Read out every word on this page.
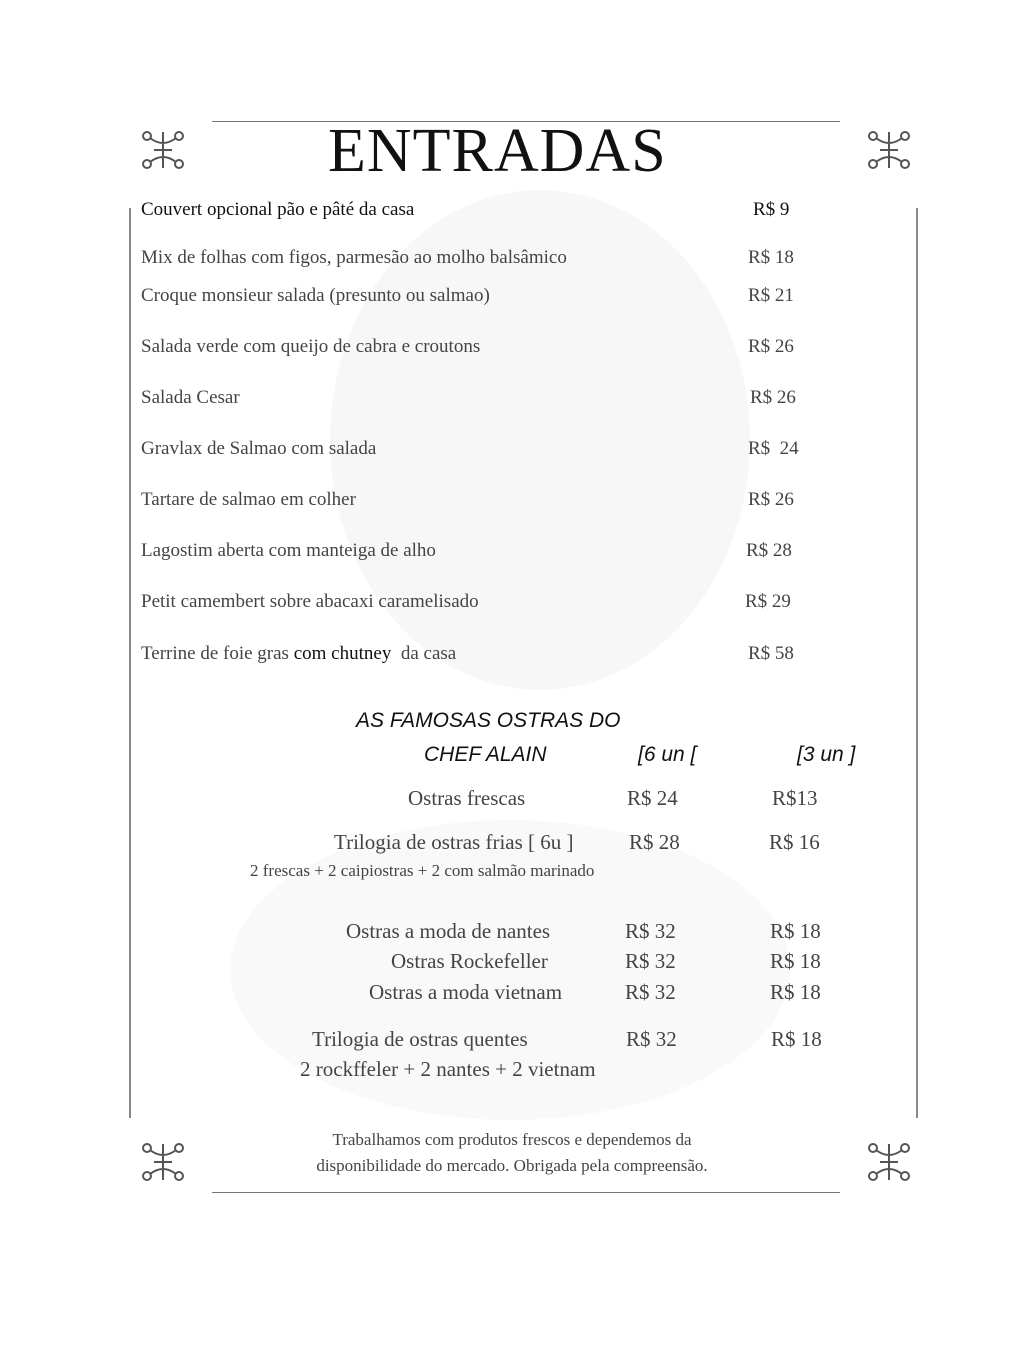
ENTRADAS
Couvert opcional pão e pâté da casa	R$ 9
Mix de folhas com figos, parmesão ao molho balsâmico	R$ 18
Croque monsieur salada (presunto ou salmao)	R$ 21
Salada verde com queijo de cabra e croutons	R$ 26
Salada Cesar	R$ 26
Gravlax de Salmao com salada	R$  24
Tartare de salmao em colher	R$ 26
Lagostim aberta com manteiga de alho	R$ 28
Petit camembert sobre abacaxi caramelisado	R$ 29
Terrine de foie gras com chutney  da casa	R$ 58
AS FAMOSAS OSTRAS DO
CHEF ALAIN	[6 un [	[3 un ]
Ostras frescas	R$ 24	R$13
Trilogia de ostras frias [ 6u ]	R$ 28	R$ 16
2 frescas + 2 caipiostras + 2 com salmão marinado
Ostras a moda de nantes	R$ 32	R$ 18
Ostras Rockefeller	R$ 32	R$ 18
Ostras a moda vietnam	R$ 32	R$ 18
Trilogia de ostras quentes	R$ 32	R$ 18
2 rockffeler + 2 nantes + 2 vietnam
Trabalhamos com produtos frescos e dependemos da
disponibilidade do mercado. Obrigada pela compreensão.
